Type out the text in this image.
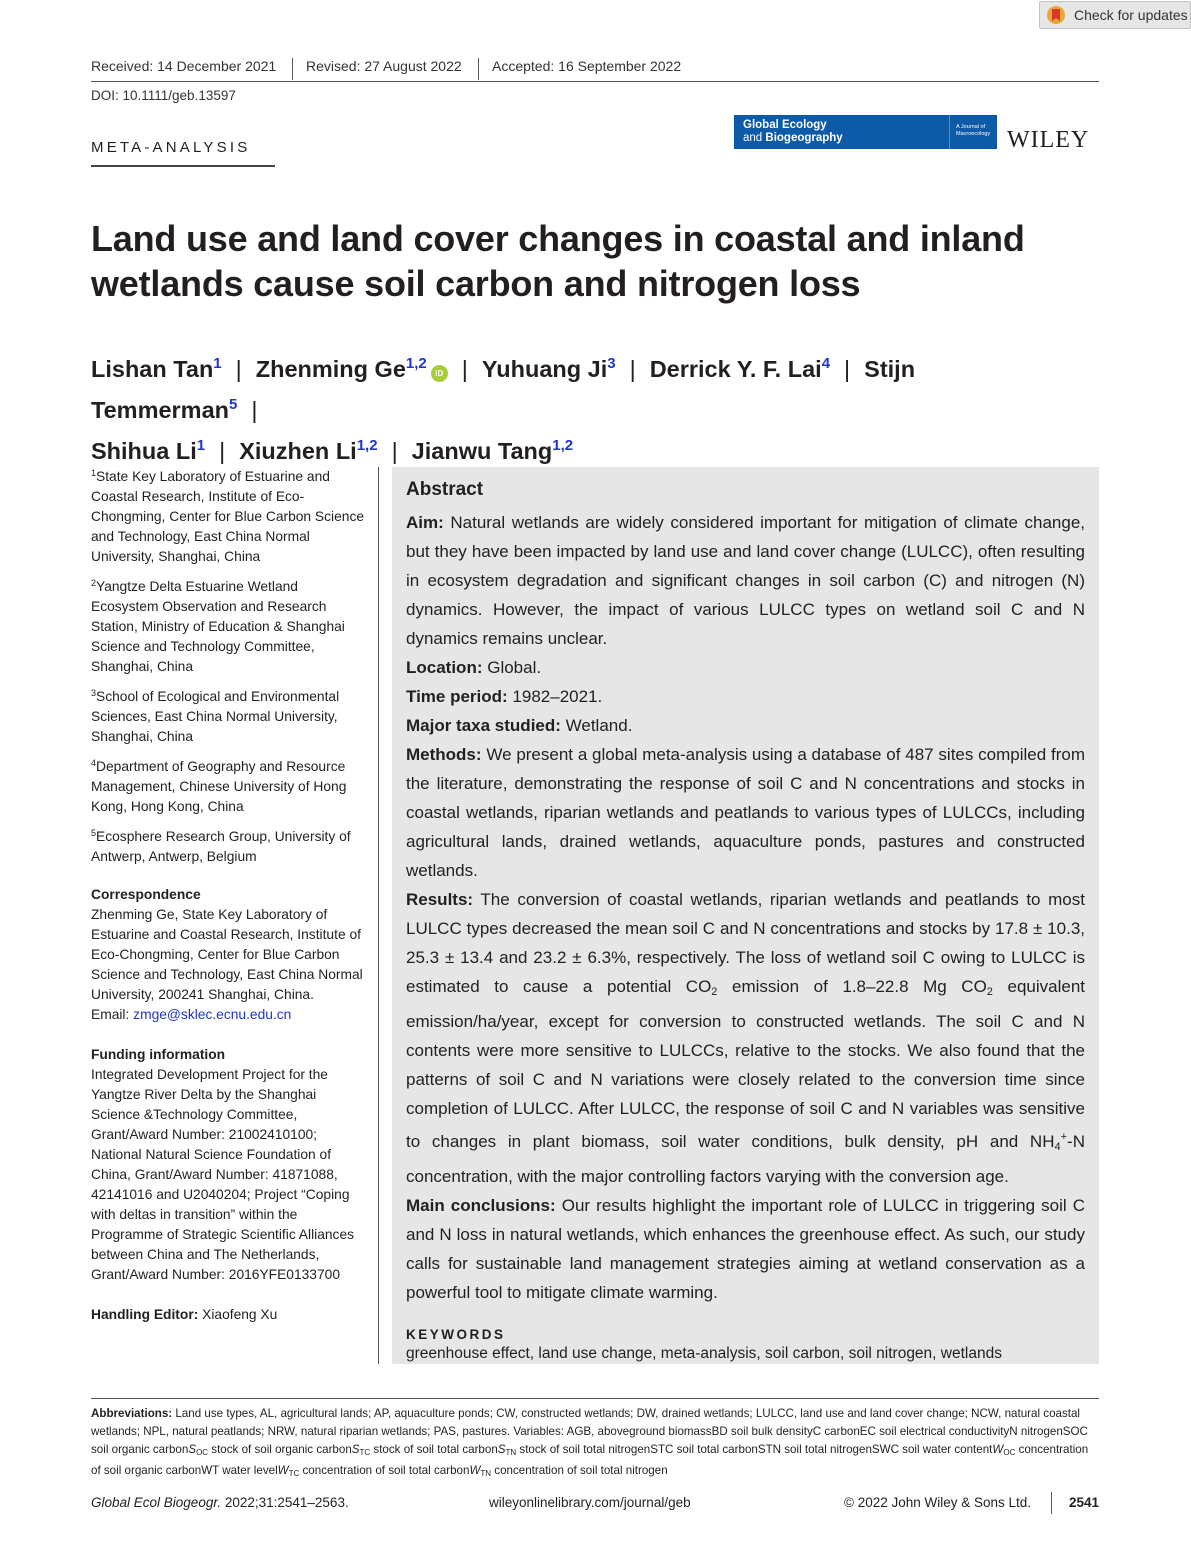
Check for updates
Received: 14 December 2021 Revised: 27 August 2022 Accepted: 16 September 2022
DOI: 10.1111/geb.13597
META-ANALYSIS
Global Ecology
and Biogeography
A Journal of
Macroecology WILEY
Land use and land cover changes in coastal and inland wetlands cause soil carbon and nitrogen loss
Lishan Tan$^1$ | Zhenming Ge$^{1,2}$iD | Yuhuang Ji$^3$ | Derrick Y. F. Lai$^4$ | Stijn Temmerman$^5$ |
Shihua Li$^1$ | Xiuzhen Li$^{1,2}$ | Jianwu Tang$^{1,2}$
$^1$State Key Laboratory of Estuarine and Coastal Research, Institute of Eco-Chongming, Center for Blue Carbon Science and Technology, East China Normal University, Shanghai, China
$^2$Yangtze Delta Estuarine Wetland Ecosystem Observation and Research Station, Ministry of Education & Shanghai Science and Technology Committee, Shanghai, China
$^3$School of Ecological and Environmental Sciences, East China Normal University, Shanghai, China
$^4$Department of Geography and Resource Management, Chinese University of Hong Kong, Hong Kong, China
$^5$Ecosphere Research Group, University of Antwerp, Antwerp, Belgium
Correspondence
Zhenming Ge, State Key Laboratory of Estuarine and Coastal Research, Institute of Eco-Chongming, Center for Blue Carbon Science and Technology, East China Normal University, 200241 Shanghai, China.
Email: zmge@sklec.ecnu.edu.cn
Funding information
Integrated Development Project for the Yangtze River Delta by the Shanghai Science &Technology Committee, Grant/Award Number: 21002410100; National Natural Science Foundation of China, Grant/Award Number: 41871088, 42141016 and U2040204; Project “Coping with deltas in transition” within the Programme of Strategic Scientific Alliances between China and The Netherlands, Grant/Award Number: 2016YFE0133700
Handling Editor: Xiaofeng Xu
Abstract

Aim: Natural wetlands are widely considered important for mitigation of climate change, but they have been impacted by land use and land cover change (LULCC), often resulting in ecosystem degradation and significant changes in soil carbon (C) and nitrogen (N) dynamics. However, the impact of various LULCC types on wetland soil C and N dynamics remains unclear.

Location: Global.

Time period: 1982–2021.

Major taxa studied: Wetland.

Methods: We present a global meta-analysis using a database of 487 sites compiled from the literature, demonstrating the response of soil C and N concentrations and stocks in coastal wetlands, riparian wetlands and peatlands to various types of LULCCs, including agricultural lands, drained wetlands, aquaculture ponds, pastures and constructed wetlands.

Results: The conversion of coastal wetlands, riparian wetlands and peatlands to most LULCC types decreased the mean soil C and N concentrations and stocks by 17.8 ± 10.3, 25.3 ± 13.4 and 23.2 ± 6.3%, respectively. The loss of wetland soil C owing to LULCC is estimated to cause a potential $CO_2$ emission of 1.8–22.8 Mg $CO_2$ equivalent emission/ha/year, except for conversion to constructed wetlands. The soil C and N contents were more sensitive to LULCCs, relative to the stocks. We also found that the patterns of soil C and N variations were closely related to the conversion time since completion of LULCC. After LULCC, the response of soil C and N variables was sensitive to changes in plant biomass, soil water conditions, bulk density, pH and $NH_4^+-N$ concentration, with the major controlling factors varying with the conversion age.

Main conclusions: Our results highlight the important role of LULCC in triggering soil C and N loss in natural wetlands, which enhances the greenhouse effect. As such, our study calls for sustainable land management strategies aiming at wetland conservation as a powerful tool to mitigate climate warming.

KEYWORDS
greenhouse effect, land use change, meta-analysis, soil carbon, soil nitrogen, wetlands
Abbreviations: Land use types, AL, agricultural lands; AP, aquaculture ponds; CW, constructed wetlands; DW, drained wetlands; LULCC, land use and land cover change; NCW, natural coastal wetlands; NPL, natural peatlands; NRW, natural riparian wetlands; PAS, pastures. Variables: AGB, aboveground biomassBD soil bulk densityC carbonEC soil electrical conductivityN nitrogenSOC soil organic carbonS$_{OC}$ stock of soil organic carbonS$_{TC}$ stock of soil total carbonS$_{TN}$ stock of soil total nitrogenSTC soil total carbonSTN soil total nitrogenSWC soil water contentW$_{OC}$ concentration of soil organic carbonWT water levelW$_{TC}$ concentration of soil total carbonW$_{TN}$ concentration of soil total nitrogen
Global Ecol Biogeogr. 2022;31:2541–2563.	wileyonlinelibrary.com/journal/geb	© 2022 John Wiley & Sons Ltd.	2541
